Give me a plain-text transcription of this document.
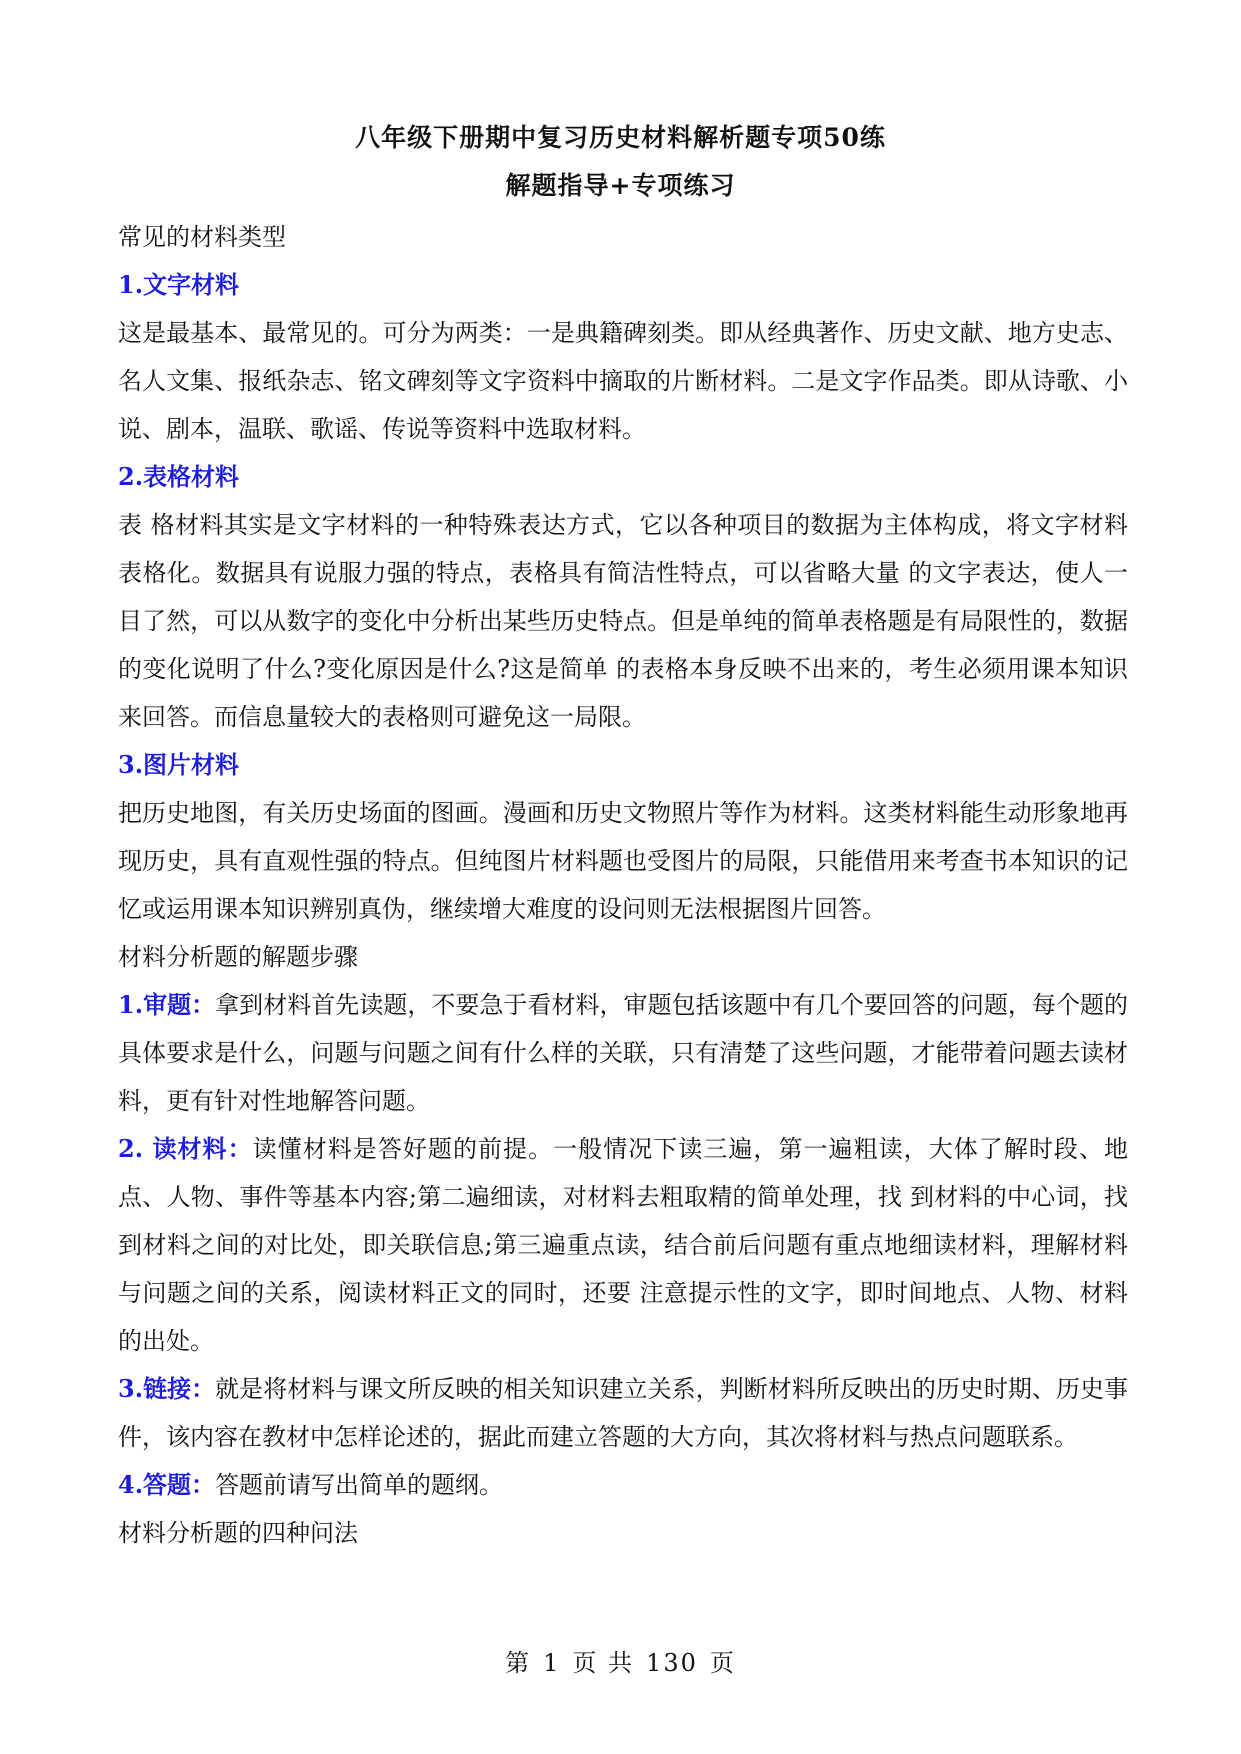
八年级下册期中复习历史材料解析题专项50练
解题指导+专项练习
常见的材料类型
1.文字材料
这是最基本、最常见的。可分为两类：一是典籍碑刻类。即从经典著作、历史文献、地方史志、名人文集、报纸杂志、铭文碑刻等文字资料中摘取的片断材料。二是文字作品类。即从诗歌、小说、剧本，温联、歌谣、传说等资料中选取材料。
2.表格材料
表 格材料其实是文字材料的一种特殊表达方式，它以各种项目的数据为主体构成，将文字材料表格化。数据具有说服力强的特点，表格具有简洁性特点，可以省略大量 的文字表达，使人一目了然，可以从数字的变化中分析出某些历史特点。但是单纯的简单表格题是有局限性的，数据的变化说明了什么?变化原因是什么?这是简单 的表格本身反映不出来的，考生必须用课本知识来回答。而信息量较大的表格则可避免这一局限。
3.图片材料
把历史地图，有关历史场面的图画。漫画和历史文物照片等作为材料。这类材料能生动形象地再现历史，具有直观性强的特点。但纯图片材料题也受图片的局限，只能借用来考查书本知识的记忆或运用课本知识辨别真伪，继续增大难度的设问则无法根据图片回答。
材料分析题的解题步骤
1.审题：拿到材料首先读题，不要急于看材料，审题包括该题中有几个要回答的问题，每个题的具体要求是什么，问题与问题之间有什么样的关联，只有清楚了这些问题，才能带着问题去读材料，更有针对性地解答问题。
2. 读材料：读懂材料是答好题的前提。一般情况下读三遍，第一遍粗读，大体了解时段、地点、人物、事件等基本内容;第二遍细读，对材料去粗取精的简单处理，找 到材料的中心词，找到材料之间的对比处，即关联信息;第三遍重点读，结合前后问题有重点地细读材料，理解材料与问题之间的关系，阅读材料正文的同时，还要 注意提示性的文字，即时间地点、人物、材料的出处。
3.链接：就是将材料与课文所反映的相关知识建立关系，判断材料所反映出的历史时期、历史事件，该内容在教材中怎样论述的，据此而建立答题的大方向，其次将材料与热点问题联系。
4.答题：答题前请写出简单的题纲。
材料分析题的四种问法
第 1 页 共 130 页
